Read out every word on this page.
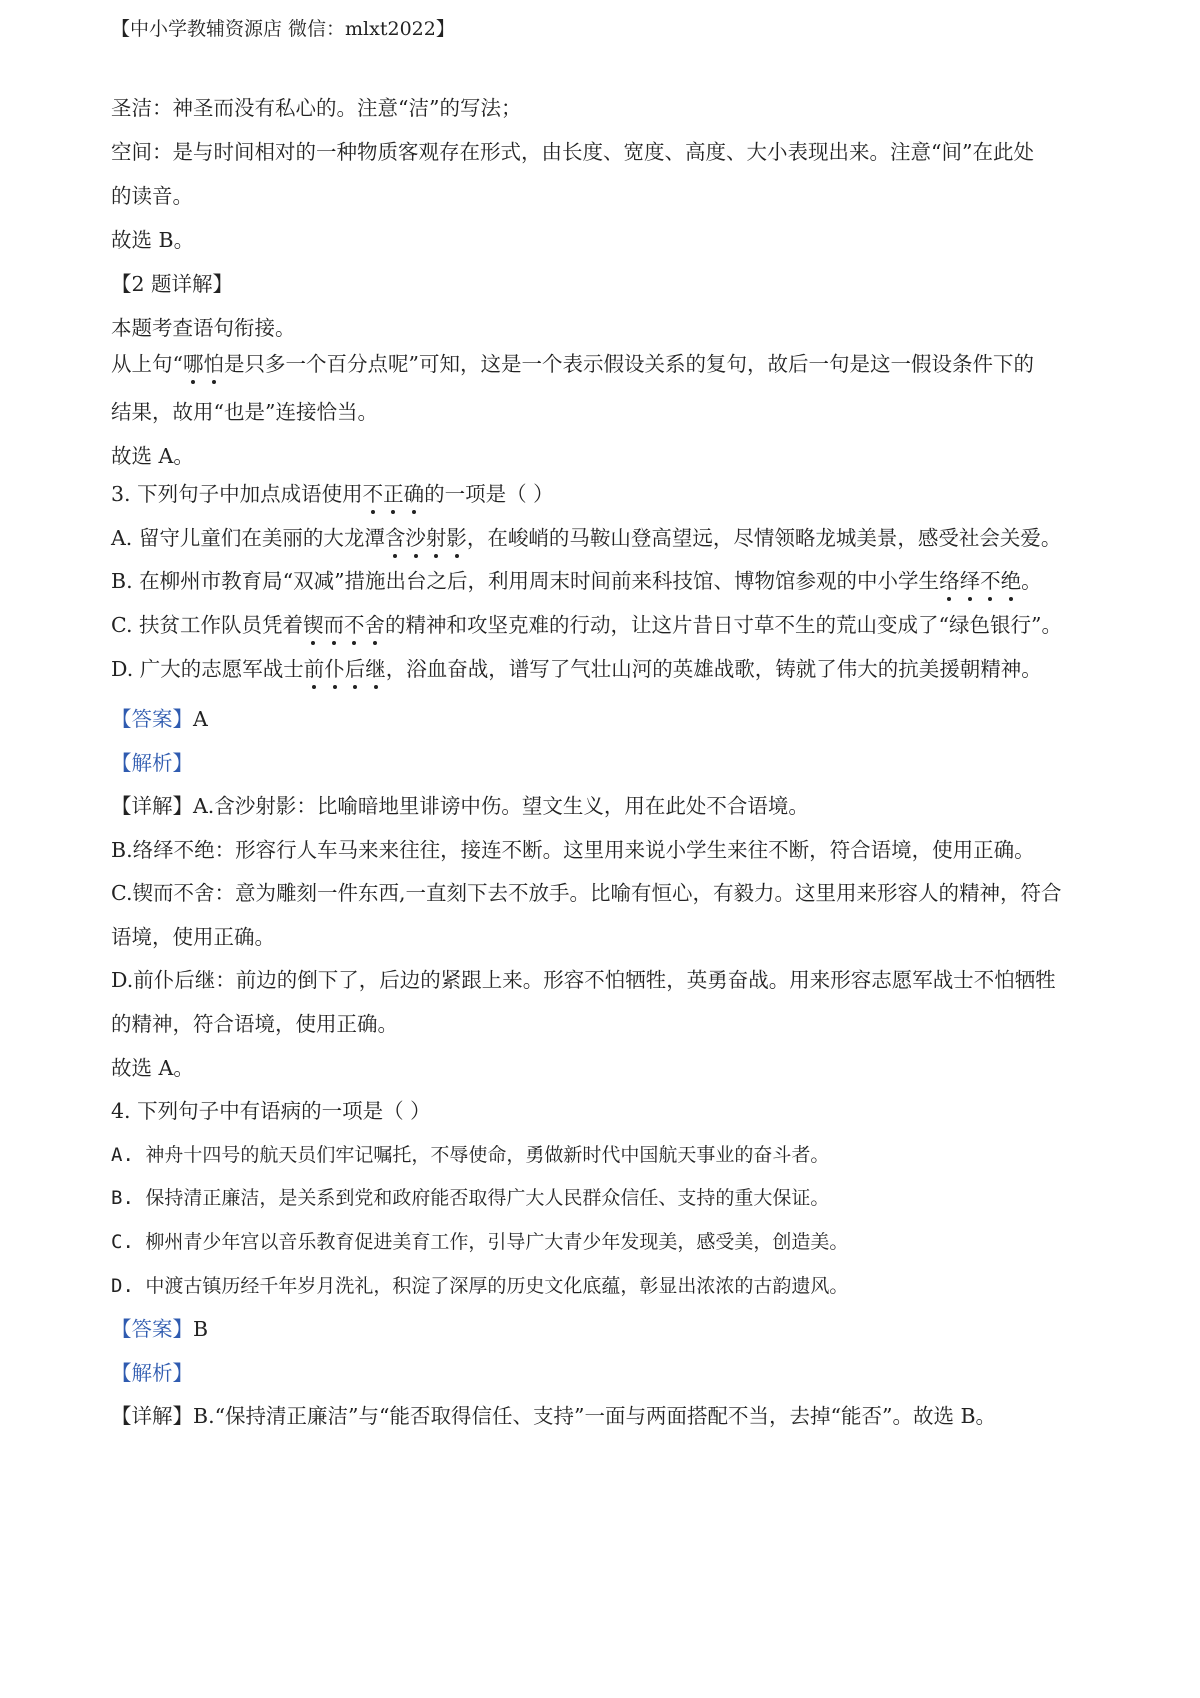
【中小学教辅资源店 微信：mlxt2022】
圣洁：神圣而没有私心的。注意“洁”的写法；
空间：是与时间相对的一种物质客观存在形式，由长度、宽度、高度、大小表现出来。注意“间”在此处
的读音。
故选 B。
【2 题详解】
本题考查语句衔接。
从上句“哪怕是只多一个百分点呢”可知，这是一个表示假设关系的复句，故后一句是这一假设条件下的
结果，故用“也是”连接恰当。
故选 A。
3. 下列句子中加点成语使用不正确的一项是（ ）
A. 留守儿童们在美丽的大龙潭含沙射影，在峻峭的马鞍山登高望远，尽情领略龙城美景，感受社会关爱。
B. 在柳州市教育局“双减”措施出台之后，利用周末时间前来科技馆、博物馆参观的中小学生络绎不绝。
C. 扶贫工作队员凭着锲而不舍的精神和攻坚克难的行动，让这片昔日寸草不生的荒山变成了“绿色银行”。
D. 广大的志愿军战士前仆后继，浴血奋战，谱写了气壮山河的英雄战歌，铸就了伟大的抗美援朝精神。
【答案】A
【解析】
【详解】A.含沙射影：比喻暗地里诽谤中伤。望文生义，用在此处不合语境。
B.络绎不绝：形容行人车马来来往往，接连不断。这里用来说小学生来往不断，符合语境，使用正确。
C.锲而不舍：意为雕刻一件东西,一直刻下去不放手。比喻有恒心，有毅力。这里用来形容人的精神，符合
语境，使用正确。
D.前仆后继：前边的倒下了，后边的紧跟上来。形容不怕牺牲，英勇奋战。用来形容志愿军战士不怕牺牲
的精神，符合语境，使用正确。
故选 A。
4. 下列句子中有语病的一项是（ ）
A. 神舟十四号的航天员们牢记嘱托，不辱使命，勇做新时代中国航天事业的奋斗者。
B. 保持清正廉洁，是关系到党和政府能否取得广大人民群众信任、支持的重大保证。
C. 柳州青少年宫以音乐教育促进美育工作，引导广大青少年发现美，感受美，创造美。
D. 中渡古镇历经千年岁月洗礼，积淀了深厚的历史文化底蕴，彰显出浓浓的古韵遗风。
【答案】B
【解析】
【详解】B.“保持清正廉洁”与“能否取得信任、支持”一面与两面搭配不当，去掉“能否”。故选 B。
